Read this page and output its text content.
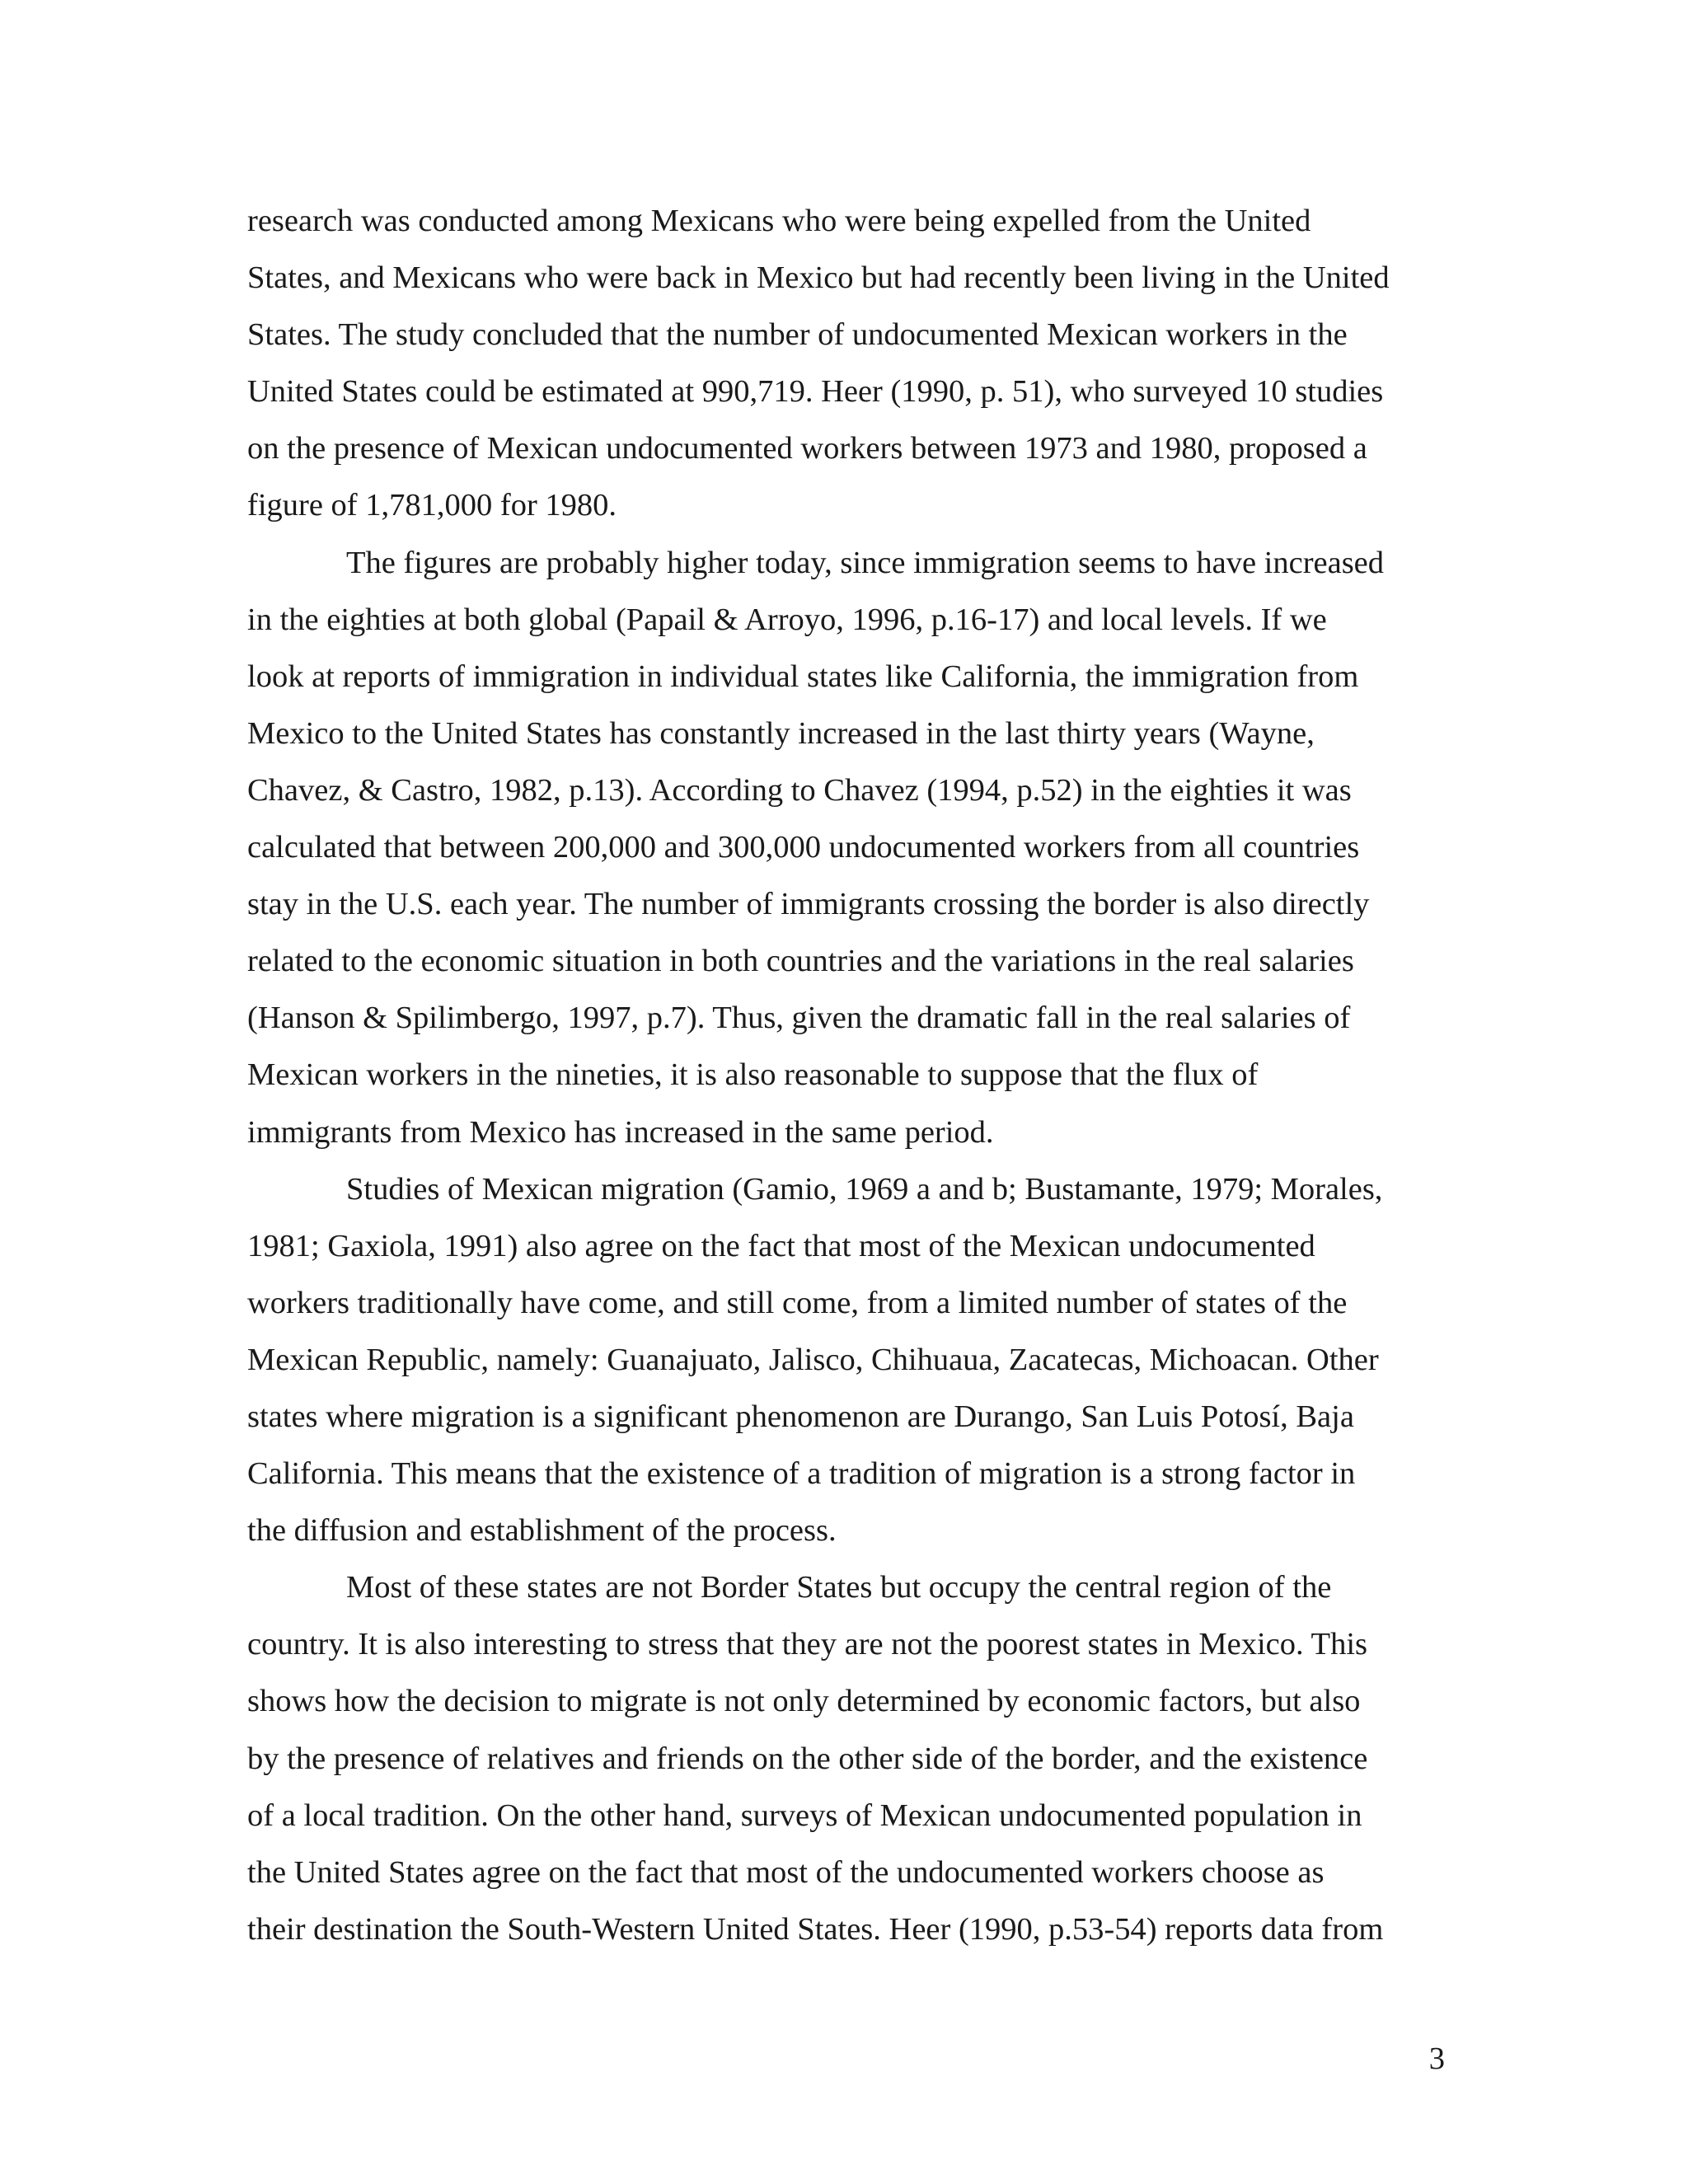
research was conducted among Mexicans who were being expelled from the United
States, and Mexicans who were back in Mexico but had recently been living in the United
States. The study concluded that the number of undocumented Mexican workers in the
United States could be estimated at 990,719. Heer (1990, p. 51), who surveyed 10 studies
on the presence of Mexican undocumented workers between 1973 and 1980, proposed a
figure of 1,781,000 for 1980.
The figures are probably higher today, since immigration seems to have increased
in the eighties at both global (Papail & Arroyo, 1996, p.16-17) and local levels. If we
look at reports of immigration in individual states like California, the immigration from
Mexico to the United States has constantly increased in the last thirty years (Wayne,
Chavez, & Castro, 1982, p.13). According to Chavez (1994, p.52) in the eighties it was
calculated that between 200,000 and 300,000 undocumented workers from all countries
stay in the U.S. each year. The number of immigrants crossing the border is also directly
related to the economic situation in both countries and the variations in the real salaries
(Hanson & Spilimbergo, 1997, p.7). Thus, given the dramatic fall in the real salaries of
Mexican workers in the nineties, it is also reasonable to suppose that the flux of
immigrants from Mexico has increased in the same period.
Studies of Mexican migration (Gamio, 1969 a and b; Bustamante, 1979; Morales,
1981; Gaxiola, 1991) also agree on the fact that most of the Mexican undocumented
workers traditionally have come, and still come, from a limited number of states of the
Mexican Republic, namely: Guanajuato, Jalisco, Chihuaua, Zacatecas, Michoacan. Other
states where migration is a significant phenomenon are Durango, San Luis Potosí, Baja
California. This means that the existence of a tradition of migration is a strong factor in
the diffusion and establishment of the process.
Most of these states are not Border States but occupy the central region of the
country. It is also interesting to stress that they are not the poorest states in Mexico. This
shows how the decision to migrate is not only determined by economic factors, but also
by the presence of relatives and friends on the other side of the border, and the existence
of a local tradition. On the other hand, surveys of Mexican undocumented population in
the United States agree on the fact that most of the undocumented workers choose as
their destination the South-Western United States. Heer (1990, p.53-54) reports data from
3
